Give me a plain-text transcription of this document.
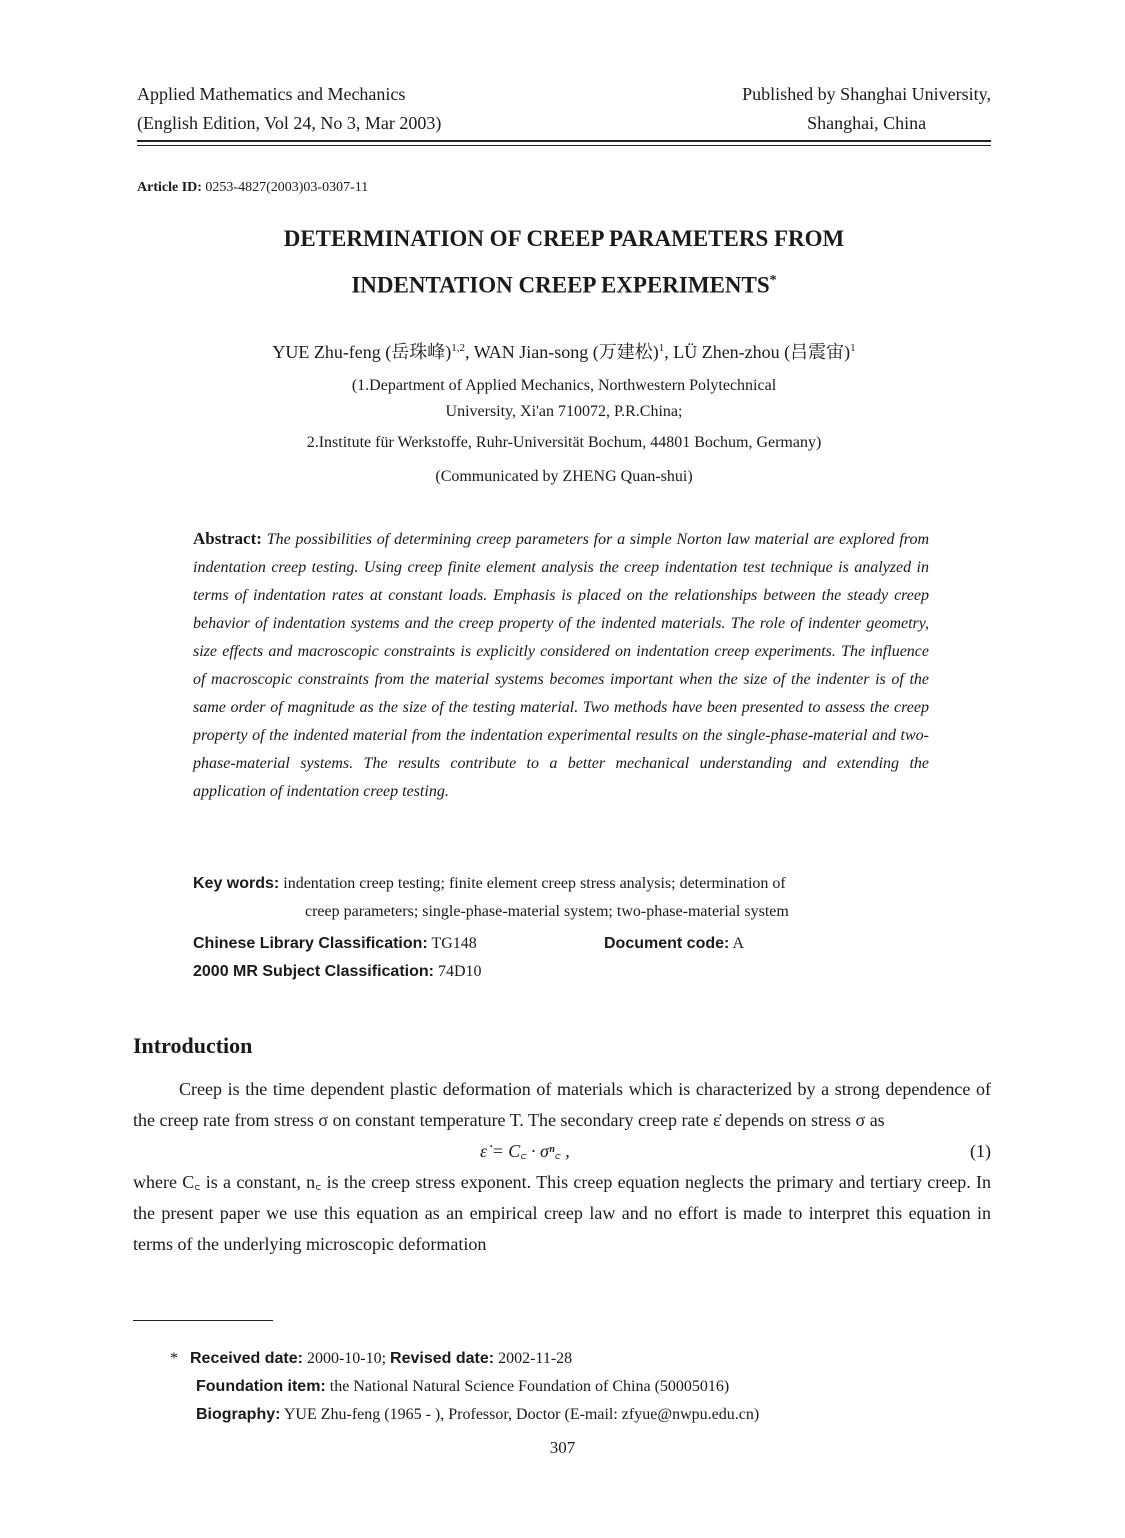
Applied Mathematics and Mechanics
(English Edition, Vol 24, No 3, Mar 2003)
Published by Shanghai University,
Shanghai, China
Article ID: 0253-4827(2003)03-0307-11
DETERMINATION OF CREEP PARAMETERS FROM
INDENTATION CREEP EXPERIMENTS*
YUE Zhu-feng (岳珠峰)$^{1,2}$, WAN Jian-song (万建松)$^1$, LÜ Zhen-zhou (吕震宙)$^1$
(1.Department of Applied Mechanics, Northwestern Polytechnical
University, Xi'an 710072, P.R.China;
2.Institute für Werkstoffe, Ruhr-Universität Bochum, 44801 Bochum, Germany)
(Communicated by ZHENG Quan-shui)
Abstract: The possibilities of determining creep parameters for a simple Norton law material are explored from indentation creep testing. Using creep finite element analysis the creep indentation test technique is analyzed in terms of indentation rates at constant loads. Emphasis is placed on the relationships between the steady creep behavior of indentation systems and the creep property of the indented materials. The role of indenter geometry, size effects and macroscopic constraints is explicitly considered on indentation creep experiments. The influence of macroscopic constraints from the material systems becomes important when the size of the indenter is of the same order of magnitude as the size of the testing material. Two methods have been presented to assess the creep property of the indented material from the indentation experimental results on the single-phase-material and two-phase-material systems. The results contribute to a better mechanical understanding and extending the application of indentation creep testing.
Key words: indentation creep testing; finite element creep stress analysis; determination of
creep parameters; single-phase-material system; two-phase-material system
Chinese Library Classification: TG148	Document code: A
2000 MR Subject Classification: 74D10
Introduction

Creep is the time dependent plastic deformation of materials which is characterized by a strong dependence of the creep rate from stress σ on constant temperature T. The secondary creep rate ε̇ depends on stress σ as

ε̇ = C꜀ · σⁿ꜀ ,	(1)

where C꜀ is a constant, n꜀ is the creep stress exponent. This creep equation neglects the primary and tertiary creep. In the present paper we use this equation as an empirical creep law and no effort is made to interpret this equation in terms of the underlying microscopic deformation

* Received date: 2000-10-10; Revised date: 2002-11-28
Foundation item: the National Natural Science Foundation of China (50005016)
Biography: YUE Zhu-feng (1965 - ), Professor, Doctor (E-mail: zfyue@nwpu.edu.cn)
307
